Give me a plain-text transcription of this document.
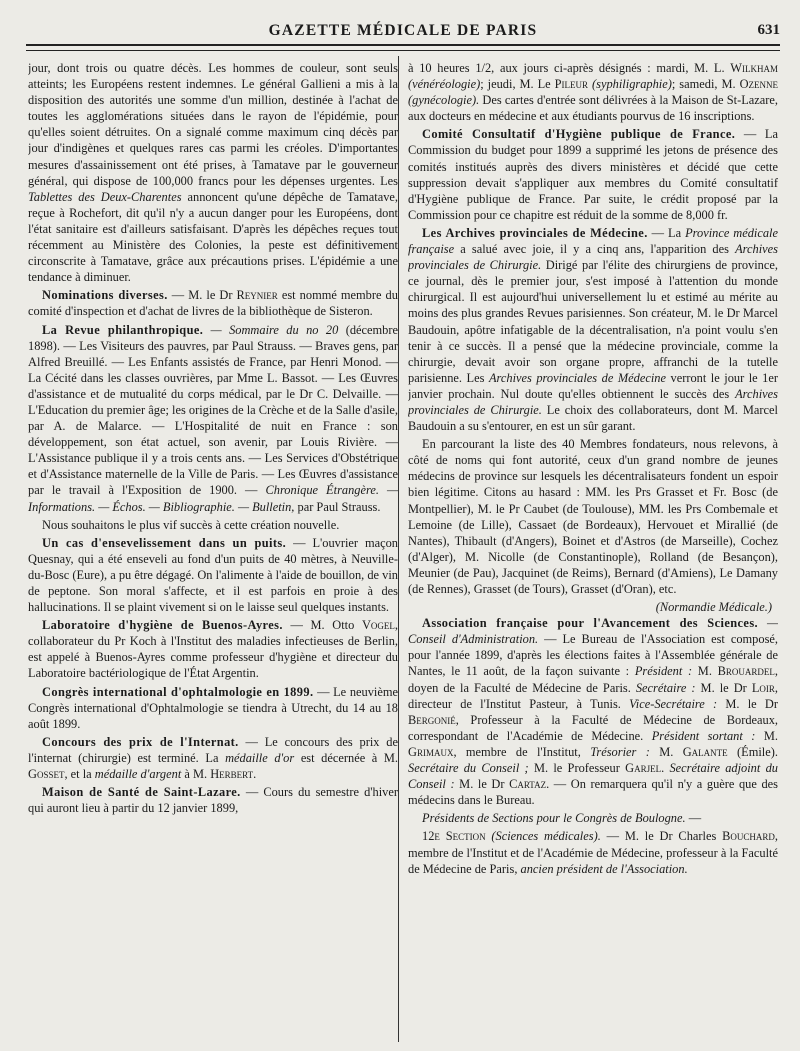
GAZETTE MÉDICALE DE PARIS	631

jour, dont trois ou quatre décès. Les hommes de couleur, sont seuls atteints; les Européens restent indemnes. Le général Gallieni a mis à la disposition des autorités une somme d'un million, destinée à l'achat de toutes les agglomérations situées dans le rayon de l'épidémie, pour qu'elles soient détruites. On a signalé comme maximum cinq décès par jour d'indigènes et quelques rares cas parmi les créoles. D'importantes mesures d'assainissement ont été prises, à Tamatave par le gouverneur général, qui dispose de 100,000 francs pour les dépenses urgentes. Les Tablettes des Deux-Charentes annoncent qu'une dépêche de Tamatave, reçue à Rochefort, dit qu'il n'y a aucun danger pour les Européens, dont l'état sanitaire est d'ailleurs satisfaisant. D'après les dépêches reçues tout récemment au Ministère des Colonies, la peste est définitivement circonscrite à Tamatave, grâce aux précautions prises. L'épidémie a une tendance à diminuer.

Nominations diverses. — M. le Dr Reynier est nommé membre du comité d'inspection et d'achat de livres de la bibliothèque de Sisteron.

La Revue philanthropique. — Sommaire du no 20 (décembre 1898). — Les Visiteurs des pauvres, par Paul Strauss. — Braves gens, par Alfred Breuillé. — Les Enfants assistés de France, par Henri Monod. — La Cécité dans les classes ouvrières, par Mme L. Bassot. — Les Œuvres d'assistance et de mutualité du corps médical, par le Dr C. Delvaille. — L'Education du premier âge; les origines de la Crèche et de la Salle d'asile, par A. de Malarce. — L'Hospitalité de nuit en France : son développement, son état actuel, son avenir, par Louis Rivière. — L'Assistance publique il y a trois cents ans. — Les Services d'Obstétrique et d'Assistance maternelle de la Ville de Paris. — Les Œuvres d'assistance par le travail à l'Exposition de 1900. — Chronique Étrangère. — Informations. — Échos. — Bibliographie. — Bulletin, par Paul Strauss.

Nous souhaitons le plus vif succès à cette création nouvelle.

Un cas d'ensevelissement dans un puits. — L'ouvrier maçon Quesnay, qui a été enseveli au fond d'un puits de 40 mètres, à Neuville-du-Bosc (Eure), a pu être dégagé. On l'alimente à l'aide de bouillon, de vin de peptone. Son moral s'affecte, et il est parfois en proie à des hallucinations. Il se plaint vivement si on le laisse seul quelques instants.

Laboratoire d'hygiène de Buenos-Ayres. — M. Otto Vogel, collaborateur du Pr Koch à l'Institut des maladies infectieuses de Berlin, est appelé à Buenos-Ayres comme professeur d'hygiène et directeur du Laboratoire bactériologique de l'État Argentin.

Congrès international d'ophtalmologie en 1899. — Le neuvième Congrès international d'Ophtalmologie se tiendra à Utrecht, du 14 au 18 août 1899.

Concours des prix de l'Internat. — Le concours des prix de l'internat (chirurgie) est terminé. La médaille d'or est décernée à M. Gosset, et la médaille d'argent à M. Herbert.

Maison de Santé de Saint-Lazare. — Cours du semestre d'hiver qui auront lieu à partir du 12 janvier 1899,

à 10 heures 1/2, aux jours ci-après désignés : mardi, M. L. Wilkham (vénéréologie); jeudi, M. Le Pileur (syphiligraphie); samedi, M. Ozenne (gynécologie). Des cartes d'entrée sont délivrées à la Maison de St-Lazare, aux docteurs en médecine et aux étudiants pourvus de 16 inscriptions.

Comité Consultatif d'Hygiène publique de France. — La Commission du budget pour 1899 a supprimé les jetons de présence des comités institués auprès des divers ministères et décidé que cette suppression devait s'appliquer aux membres du Comité consultatif d'Hygiène publique de France. Par suite, le crédit proposé par la Commission pour ce chapitre est réduit de la somme de 8,000 fr.

Les Archives provinciales de Médecine. — La Province médicale française a salué avec joie, il y a cinq ans, l'apparition des Archives provinciales de Chirurgie. Dirigé par l'élite des chirurgiens de province, ce journal, dès le premier jour, s'est imposé à l'attention du monde chirurgical. Il est aujourd'hui universellement lu et estimé au mérite au moins des plus grandes Revues parisiennes. Son créateur, M. le Dr Marcel Baudouin, apôtre infatigable de la décentralisation, n'a point voulu s'en tenir à ce succès. Il a pensé que la médecine provinciale, comme la chirurgie, devait avoir son organe propre, affranchi de la tutelle parisienne. Les Archives provinciales de Médecine verront le jour le 1er janvier prochain. Nul doute qu'elles obtiennent le succès des Archives provinciales de Chirurgie. Le choix des collaborateurs, dont M. Marcel Baudouin a su s'entourer, en est un sûr garant.

En parcourant la liste des 40 Membres fondateurs, nous relevons, à côté de noms qui font autorité, ceux d'un grand nombre de jeunes médecins de province sur lesquels les décentralisateurs fondent un espoir bien légitime. Citons au hasard : MM. les Prs Grasset et Fr. Bosc (de Montpellier), M. le Pr Caubet (de Toulouse), MM. les Prs Combemale et Lemoine (de Lille), Cassaet (de Bordeaux), Hervouet et Mirallié (de Nantes), Thibault (d'Angers), Boinet et d'Astros (de Marseille), Cochez (d'Alger), M. Nicolle (de Constantinople), Rolland (de Besançon), Meunier (de Pau), Jacquinet (de Reims), Bernard (d'Amiens), Le Damany (de Rennes), Grasset (de Tours), Grasset (d'Oran), etc.

(Normandie Médicale.)

Association française pour l'Avancement des Sciences. — Conseil d'Administration. — Le Bureau de l'Association est composé, pour l'année 1899, d'après les élections faites à l'Assemblée générale de Nantes, le 11 août, de la façon suivante : Président : M. Brouardel, doyen de la Faculté de Médecine de Paris. Secrétaire : M. le Dr Loir, directeur de l'Institut Pasteur, à Tunis. Vice-Secrétaire : M. le Dr Bergonié, Professeur à la Faculté de Médecine de Bordeaux, correspondant de l'Académie de Médecine. Président sortant : M. Grimaux, membre de l'Institut, Trésorier : M. Galante (Émile). Secrétaire du Conseil ; M. le Professeur Garjel. Secrétaire adjoint du Conseil : M. le Dr Cartaz. — On remarquera qu'il n'y a guère que des médecins dans le Bureau.

Présidents de Sections pour le Congrès de Boulogne. —

12e Section (Sciences médicales). — M. le Dr Charles Bouchard, membre de l'Institut et de l'Académie de Médecine, professeur à la Faculté de Médecine de Paris, ancien président de l'Association.
